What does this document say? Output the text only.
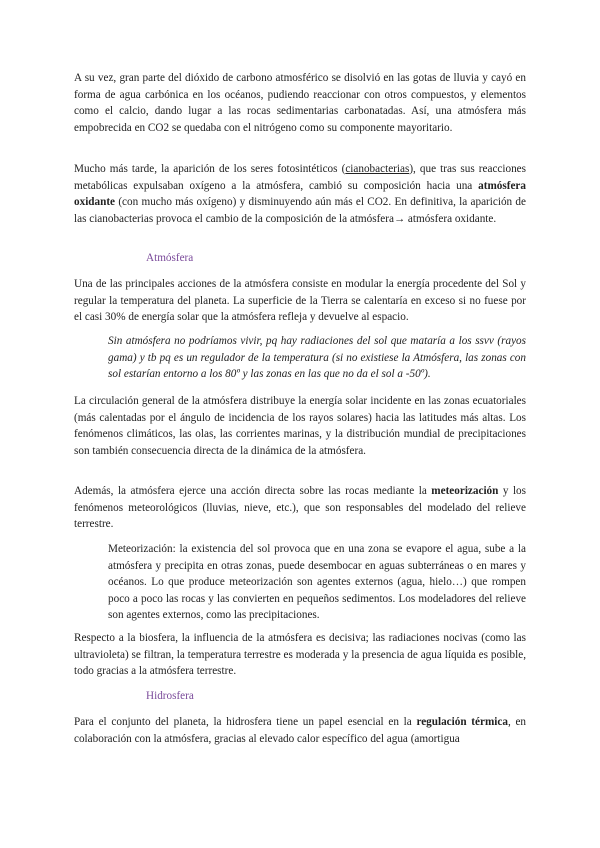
A su vez, gran parte del dióxido de carbono atmosférico se disolvió en las gotas de lluvia y cayó en forma de agua carbónica en los océanos, pudiendo reaccionar con otros compuestos, y elementos como el calcio, dando lugar a las rocas sedimentarias carbonatadas. Así, una atmósfera más empobrecida en CO2 se quedaba con el nitrógeno como su componente mayoritario.

Mucho más tarde, la aparición de los seres fotosintéticos (cianobacterias), que tras sus reacciones metabólicas expulsaban oxígeno a la atmósfera, cambió su composición hacia una atmósfera oxidante (con mucho más oxígeno) y disminuyendo aún más el CO2. En definitiva, la aparición de las cianobacterias provoca el cambio de la composición de la atmósfera→ atmósfera oxidante.

Atmósfera

Una de las principales acciones de la atmósfera consiste en modular la energía procedente del Sol y regular la temperatura del planeta. La superficie de la Tierra se calentaría en exceso si no fuese por el casi 30% de energía solar que la atmósfera refleja y devuelve al espacio.

Sin atmósfera no podríamos vivir, pq hay radiaciones del sol que mataría a los ssvv (rayos gama) y tb pq es un regulador de la temperatura (si no existiese la Atmósfera, las zonas con sol estarían entorno a los 80º y las zonas en las que no da el sol a -50º).

La circulación general de la atmósfera distribuye la energía solar incidente en las zonas ecuatoriales (más calentadas por el ángulo de incidencia de los rayos solares) hacia las latitudes más altas. Los fenómenos climáticos, las olas, las corrientes marinas, y la distribución mundial de precipitaciones son también consecuencia directa de la dinámica de la atmósfera.

Además, la atmósfera ejerce una acción directa sobre las rocas mediante la meteorización y los fenómenos meteorológicos (lluvias, nieve, etc.), que son responsables del modelado del relieve terrestre.

Meteorización: la existencia del sol provoca que en una zona se evapore el agua, sube a la atmósfera y precipita en otras zonas, puede desembocar en aguas subterráneas o en mares y océanos. Lo que produce meteorización son agentes externos (agua, hielo…) que rompen poco a poco las rocas y las convierten en pequeños sedimentos. Los modeladores del relieve son agentes externos, como las precipitaciones.

Respecto a la biosfera, la influencia de la atmósfera es decisiva; las radiaciones nocivas (como las ultravioleta) se filtran, la temperatura terrestre es moderada y la presencia de agua líquida es posible, todo gracias a la atmósfera terrestre.

Hidrosfera

Para el conjunto del planeta, la hidrosfera tiene un papel esencial en la regulación térmica, en colaboración con la atmósfera, gracias al elevado calor específico del agua (amortigua
